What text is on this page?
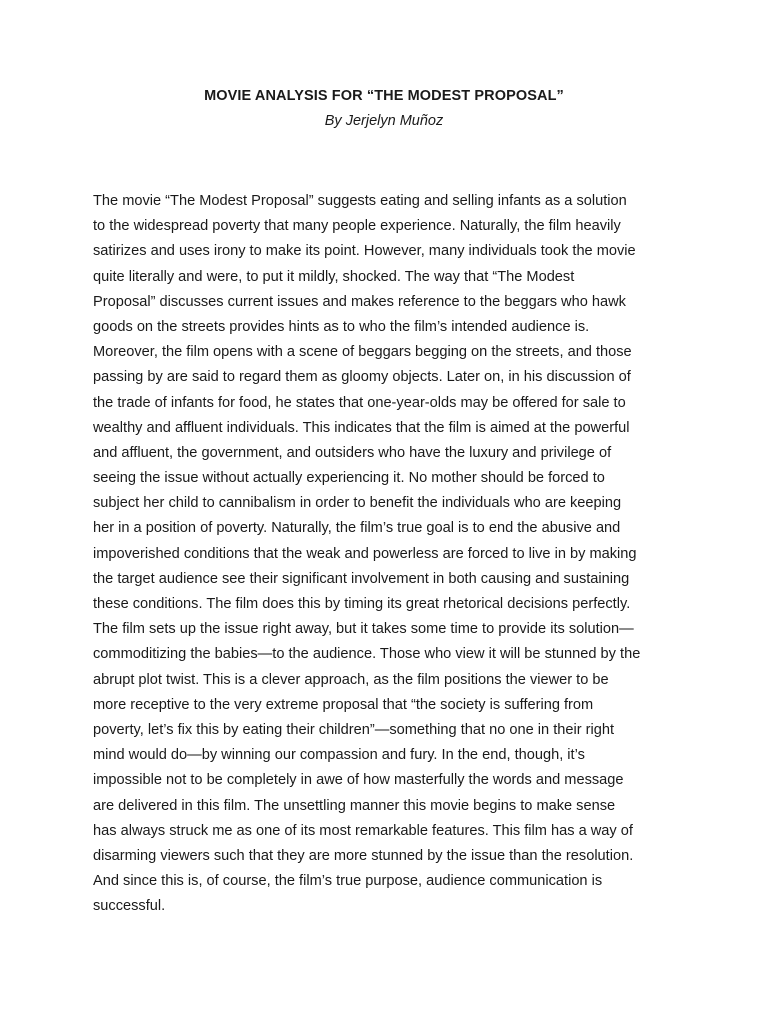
MOVIE ANALYSIS FOR “THE MODEST PROPOSAL”

By Jerjelyn Muñoz

The movie “The Modest Proposal” suggests eating and selling infants as a solution
to the widespread poverty that many people experience. Naturally, the film heavily
satirizes and uses irony to make its point. However, many individuals took the movie
quite literally and were, to put it mildly, shocked. The way that “The Modest
Proposal” discusses current issues and makes reference to the beggars who hawk
goods on the streets provides hints as to who the film’s intended audience is.
Moreover, the film opens with a scene of beggars begging on the streets, and those
passing by are said to regard them as gloomy objects. Later on, in his discussion of
the trade of infants for food, he states that one-year-olds may be offered for sale to
wealthy and affluent individuals. This indicates that the film is aimed at the powerful
and affluent, the government, and outsiders who have the luxury and privilege of
seeing the issue without actually experiencing it. No mother should be forced to
subject her child to cannibalism in order to benefit the individuals who are keeping
her in a position of poverty. Naturally, the film’s true goal is to end the abusive and
impoverished conditions that the weak and powerless are forced to live in by making
the target audience see their significant involvement in both causing and sustaining
these conditions. The film does this by timing its great rhetorical decisions perfectly.
The film sets up the issue right away, but it takes some time to provide its solution—
commoditizing the babies—to the audience. Those who view it will be stunned by the
abrupt plot twist. This is a clever approach, as the film positions the viewer to be
more receptive to the very extreme proposal that “the society is suffering from
poverty, let’s fix this by eating their children”—something that no one in their right
mind would do—by winning our compassion and fury. In the end, though, it’s
impossible not to be completely in awe of how masterfully the words and message
are delivered in this film. The unsettling manner this movie begins to make sense
has always struck me as one of its most remarkable features. This film has a way of
disarming viewers such that they are more stunned by the issue than the resolution.
And since this is, of course, the film’s true purpose, audience communication is
successful.
